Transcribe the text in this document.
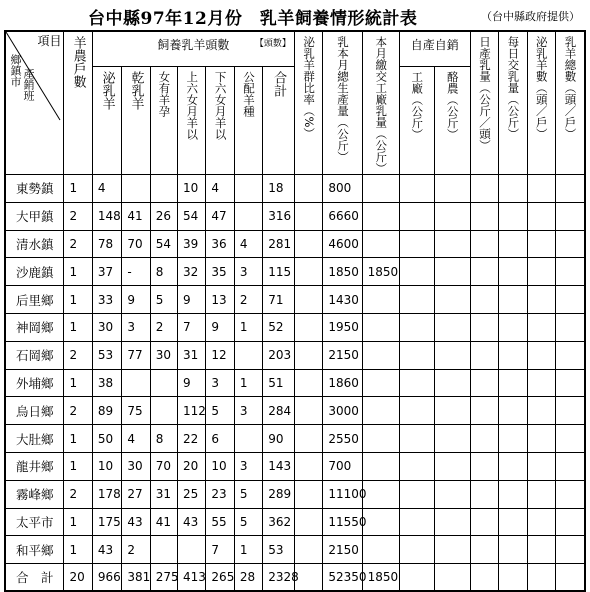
台中縣97年12月份　乳羊飼養情形統計表	（台中縣政府提供）
項目
鄉鎮市 產銷班	羊農戶數	飼養乳羊頭數 【頭數】							泌乳羊群比率（%）	乳本月總生產量（公斤）	本月繳交工廠乳量（公斤）	自產自銷		日產乳量（公斤／頭）	每日交乳量（公斤）	泌乳羊數（頭／戶）	乳羊總數（頭／戶）

		泌乳羊	乾乳羊	女有羊孕	上六女月羊以	下六女月羊以	公配羊種	合計				工廠（公斤）	酪農（公斤）				

東勢鎮	1	4			10	4		18		800							
大甲鎮	2	148	41	26	54	47		316		6660							
清水鎮	2	78	70	54	39	36	4	281		4600							
沙鹿鎮	1	37	-	8	32	35	3	115		1850	1850						
后里鄉	1	33	9	5	9	13	2	71		1430							
神岡鄉	1	30	3	2	7	9	1	52		1950							
石岡鄉	2	53	77	30	31	12		203		2150							
外埔鄉	1	38			9	3	1	51		1860							
烏日鄉	2	89	75		112	5	3	284		3000							
大肚鄉	1	50	4	8	22	6		90		2550							
龍井鄉	1	10	30	70	20	10	3	143		700							
霧峰鄉	2	178	27	31	25	23	5	289		11100							
太平市	1	175	43	41	43	55	5	362		11550							
和平鄉	1	43	2			7	1	53		2150							
合　計	20	966	381	275	413	265	28	2328		52350	1850						
